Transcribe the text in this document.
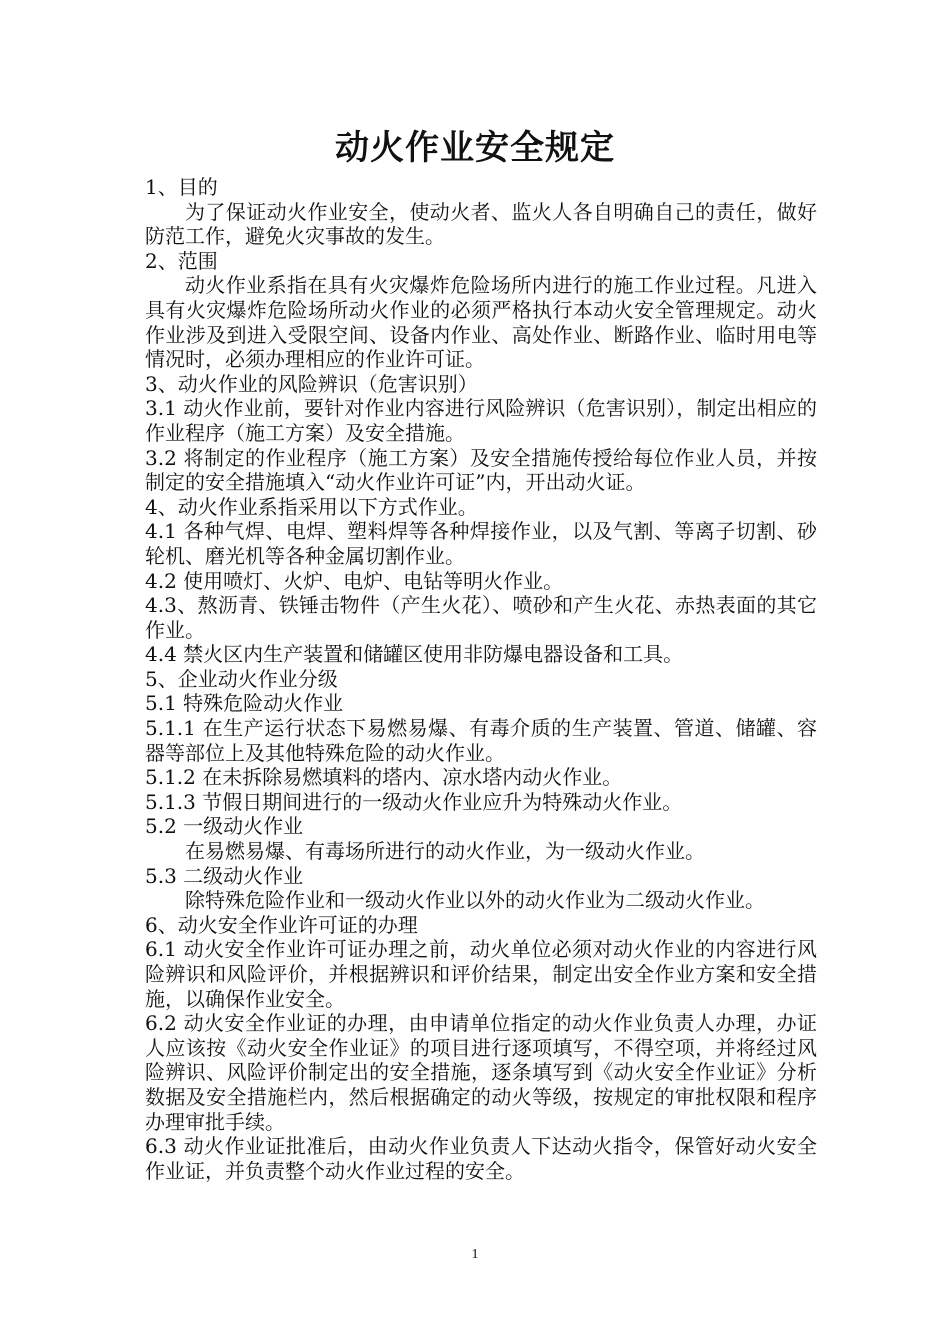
动火作业安全规定

1、目的

为了保证动火作业安全，使动火者、监火人各自明确自己的责任，做好防范工作，避免火灾事故的发生。

2、范围

动火作业系指在具有火灾爆炸危险场所内进行的施工作业过程。凡进入具有火灾爆炸危险场所动火作业的必须严格执行本动火安全管理规定。动火作业涉及到进入受限空间、设备内作业、高处作业、断路作业、临时用电等情况时，必须办理相应的作业许可证。

3、动火作业的风险辨识（危害识别）

3.1 动火作业前，要针对作业内容进行风险辨识（危害识别），制定出相应的作业程序（施工方案）及安全措施。

3.2 将制定的作业程序（施工方案）及安全措施传授给每位作业人员，并按制定的安全措施填入“动火作业许可证”内，开出动火证。

4、动火作业系指采用以下方式作业。

4.1 各种气焊、电焊、塑料焊等各种焊接作业，以及气割、等离子切割、砂轮机、磨光机等各种金属切割作业。

4.2 使用喷灯、火炉、电炉、电钻等明火作业。

4.3、熬沥青、铁锤击物件（产生火花）、喷砂和产生火花、赤热表面的其它作业。

4.4 禁火区内生产装置和储罐区使用非防爆电器设备和工具。

5、企业动火作业分级

5.1 特殊危险动火作业

5.1.1 在生产运行状态下易燃易爆、有毒介质的生产装置、管道、储罐、容器等部位上及其他特殊危险的动火作业。

5.1.2 在未拆除易燃填料的塔内、凉水塔内动火作业。

5.1.3 节假日期间进行的一级动火作业应升为特殊动火作业。

5.2 一级动火作业

在易燃易爆、有毒场所进行的动火作业，为一级动火作业。

5.3 二级动火作业

除特殊危险作业和一级动火作业以外的动火作业为二级动火作业。

6、动火安全作业许可证的办理

6.1 动火安全作业许可证办理之前，动火单位必须对动火作业的内容进行风险辨识和风险评价，并根据辨识和评价结果，制定出安全作业方案和安全措施，以确保作业安全。

6.2 动火安全作业证的办理，由申请单位指定的动火作业负责人办理，办证人应该按《动火安全作业证》的项目进行逐项填写，不得空项，并将经过风险辨识、风险评价制定出的安全措施，逐条填写到《动火安全作业证》分析数据及安全措施栏内，然后根据确定的动火等级，按规定的审批权限和程序办理审批手续。

6.3 动火作业证批准后，由动火作业负责人下达动火指令，保管好动火安全作业证，并负责整个动火作业过程的安全。

1
